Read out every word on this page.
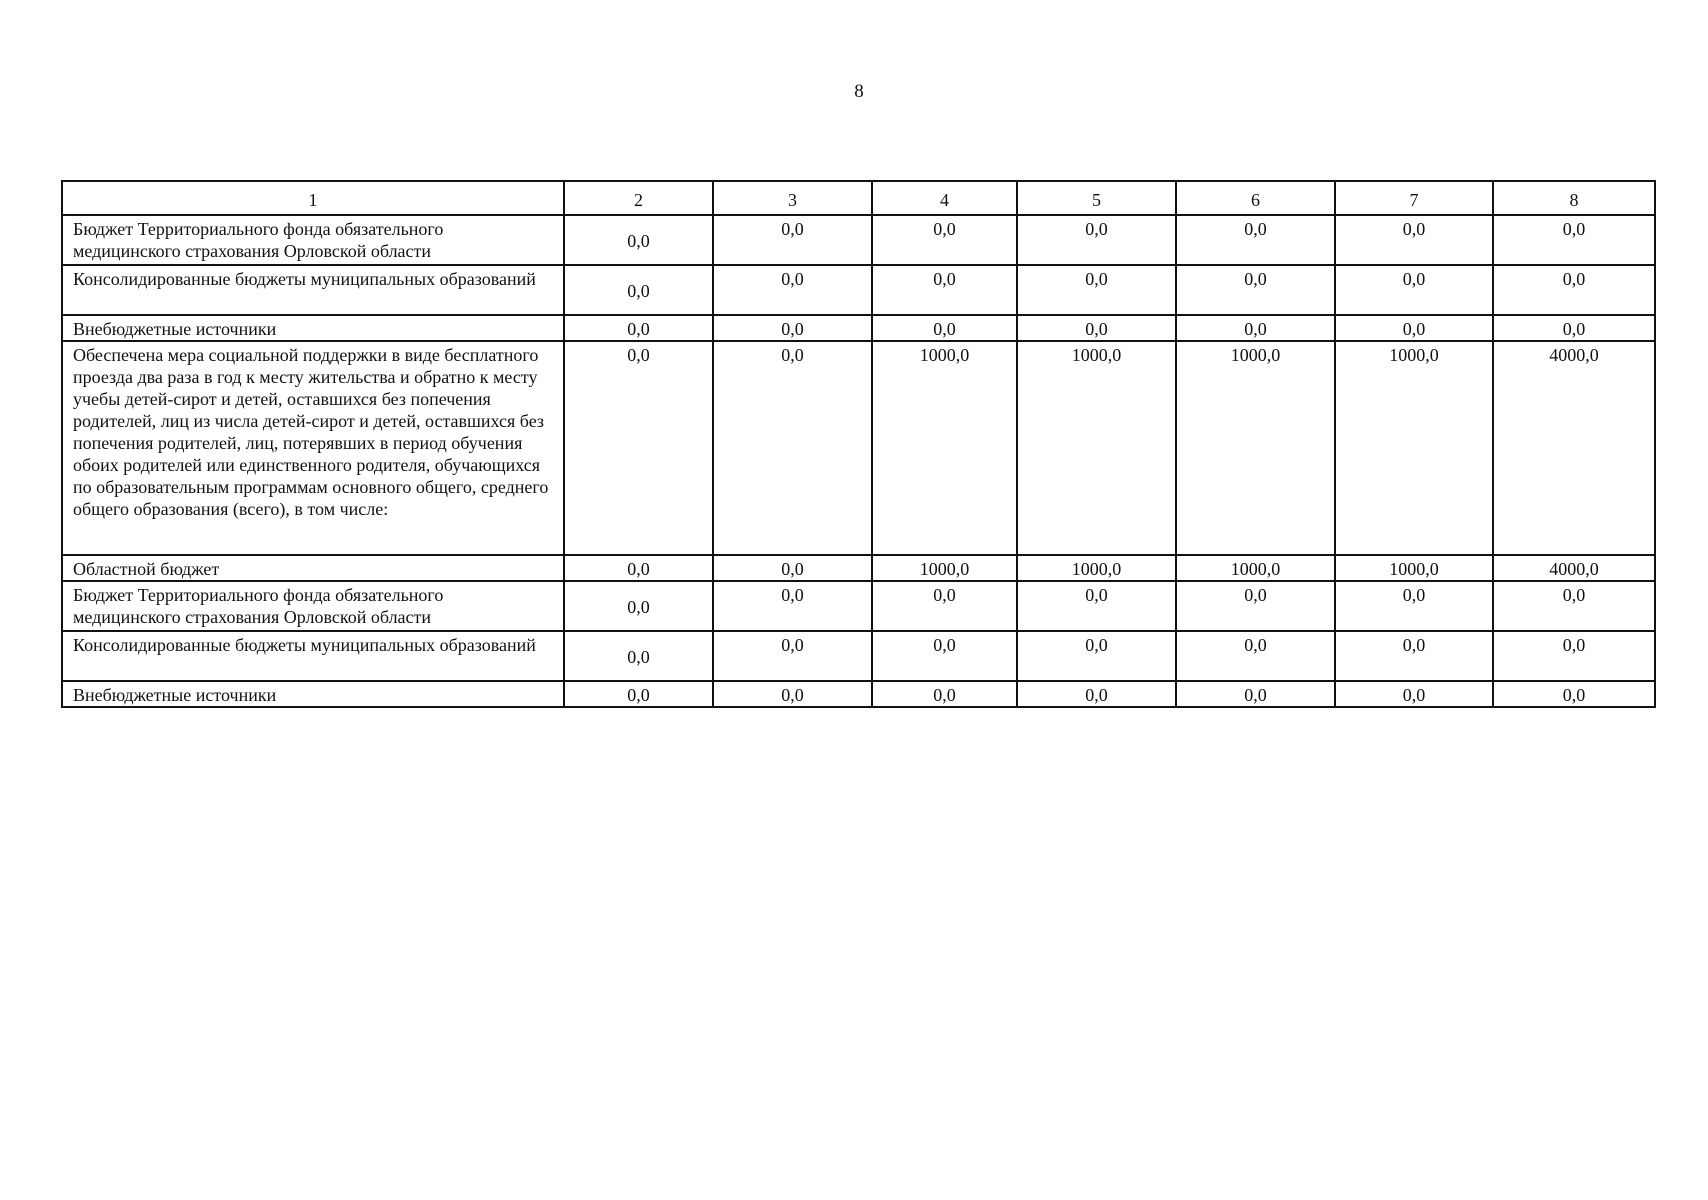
8
1	2	3	4	5	6	7	8
Бюджет Территориального фонда обязательного медицинского страхования Орловской области	0,0	0,0	0,0	0,0	0,0	0,0	0,0
Консолидированные бюджеты муниципальных образований	0,0	0,0	0,0	0,0	0,0	0,0	0,0
Внебюджетные источники	0,0	0,0	0,0	0,0	0,0	0,0	0,0
Обеспечена мера социальной поддержки в виде бесплатного проезда два раза в год к месту жительства и обратно к месту учебы детей-сирот и детей, оставшихся без попечения родителей, лиц из числа детей-сирот и детей, оставшихся без попечения родителей, лиц, потерявших в период обучения обоих родителей или единственного родителя, обучающихся по образовательным программам основного общего, среднего общего образования (всего), в том числе:	0,0	0,0	1000,0	1000,0	1000,0	1000,0	4000,0
Областной бюджет	0,0	0,0	1000,0	1000,0	1000,0	1000,0	4000,0
Бюджет Территориального фонда обязательного медицинского страхования Орловской области	0,0	0,0	0,0	0,0	0,0	0,0	0,0
Консолидированные бюджеты муниципальных образований	0,0	0,0	0,0	0,0	0,0	0,0	0,0
Внебюджетные источники	0,0	0,0	0,0	0,0	0,0	0,0	0,0
